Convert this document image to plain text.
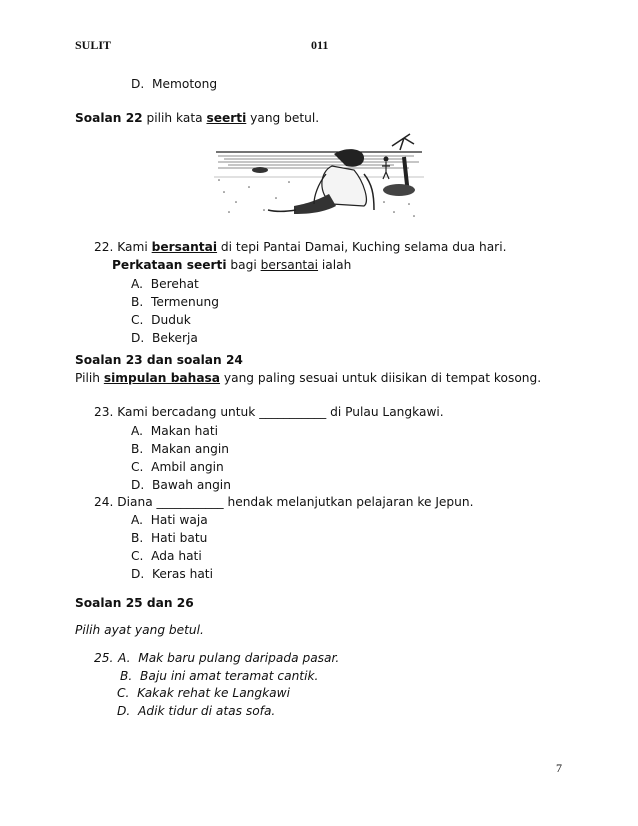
SULIT	011
D. Memotong
Soalan 22 pilih kata seerti yang betul.
22. Kami bersantai di tepi Pantai Damai, Kuching selama dua hari.
Perkataan seerti bagi bersantai ialah
A. Berehat
B. Termenung
C. Duduk
D. Bekerja
Soalan 23 dan soalan 24
Pilih simpulan bahasa yang paling sesuai untuk diisikan di tempat kosong.
23. Kami bercadang untuk ___________ di Pulau Langkawi.
A. Makan hati
B. Makan angin
C. Ambil angin
D. Bawah angin
24. Diana ___________ hendak melanjutkan pelajaran ke Jepun.
A. Hati waja
B. Hati batu
C. Ada hati
D. Keras hati
Soalan 25 dan 26
Pilih ayat yang betul.
25. A. Mak baru pulang daripada pasar.
B. Baju ini amat teramat cantik.
C. Kakak rehat ke Langkawi
D. Adik tidur di atas sofa.
7
